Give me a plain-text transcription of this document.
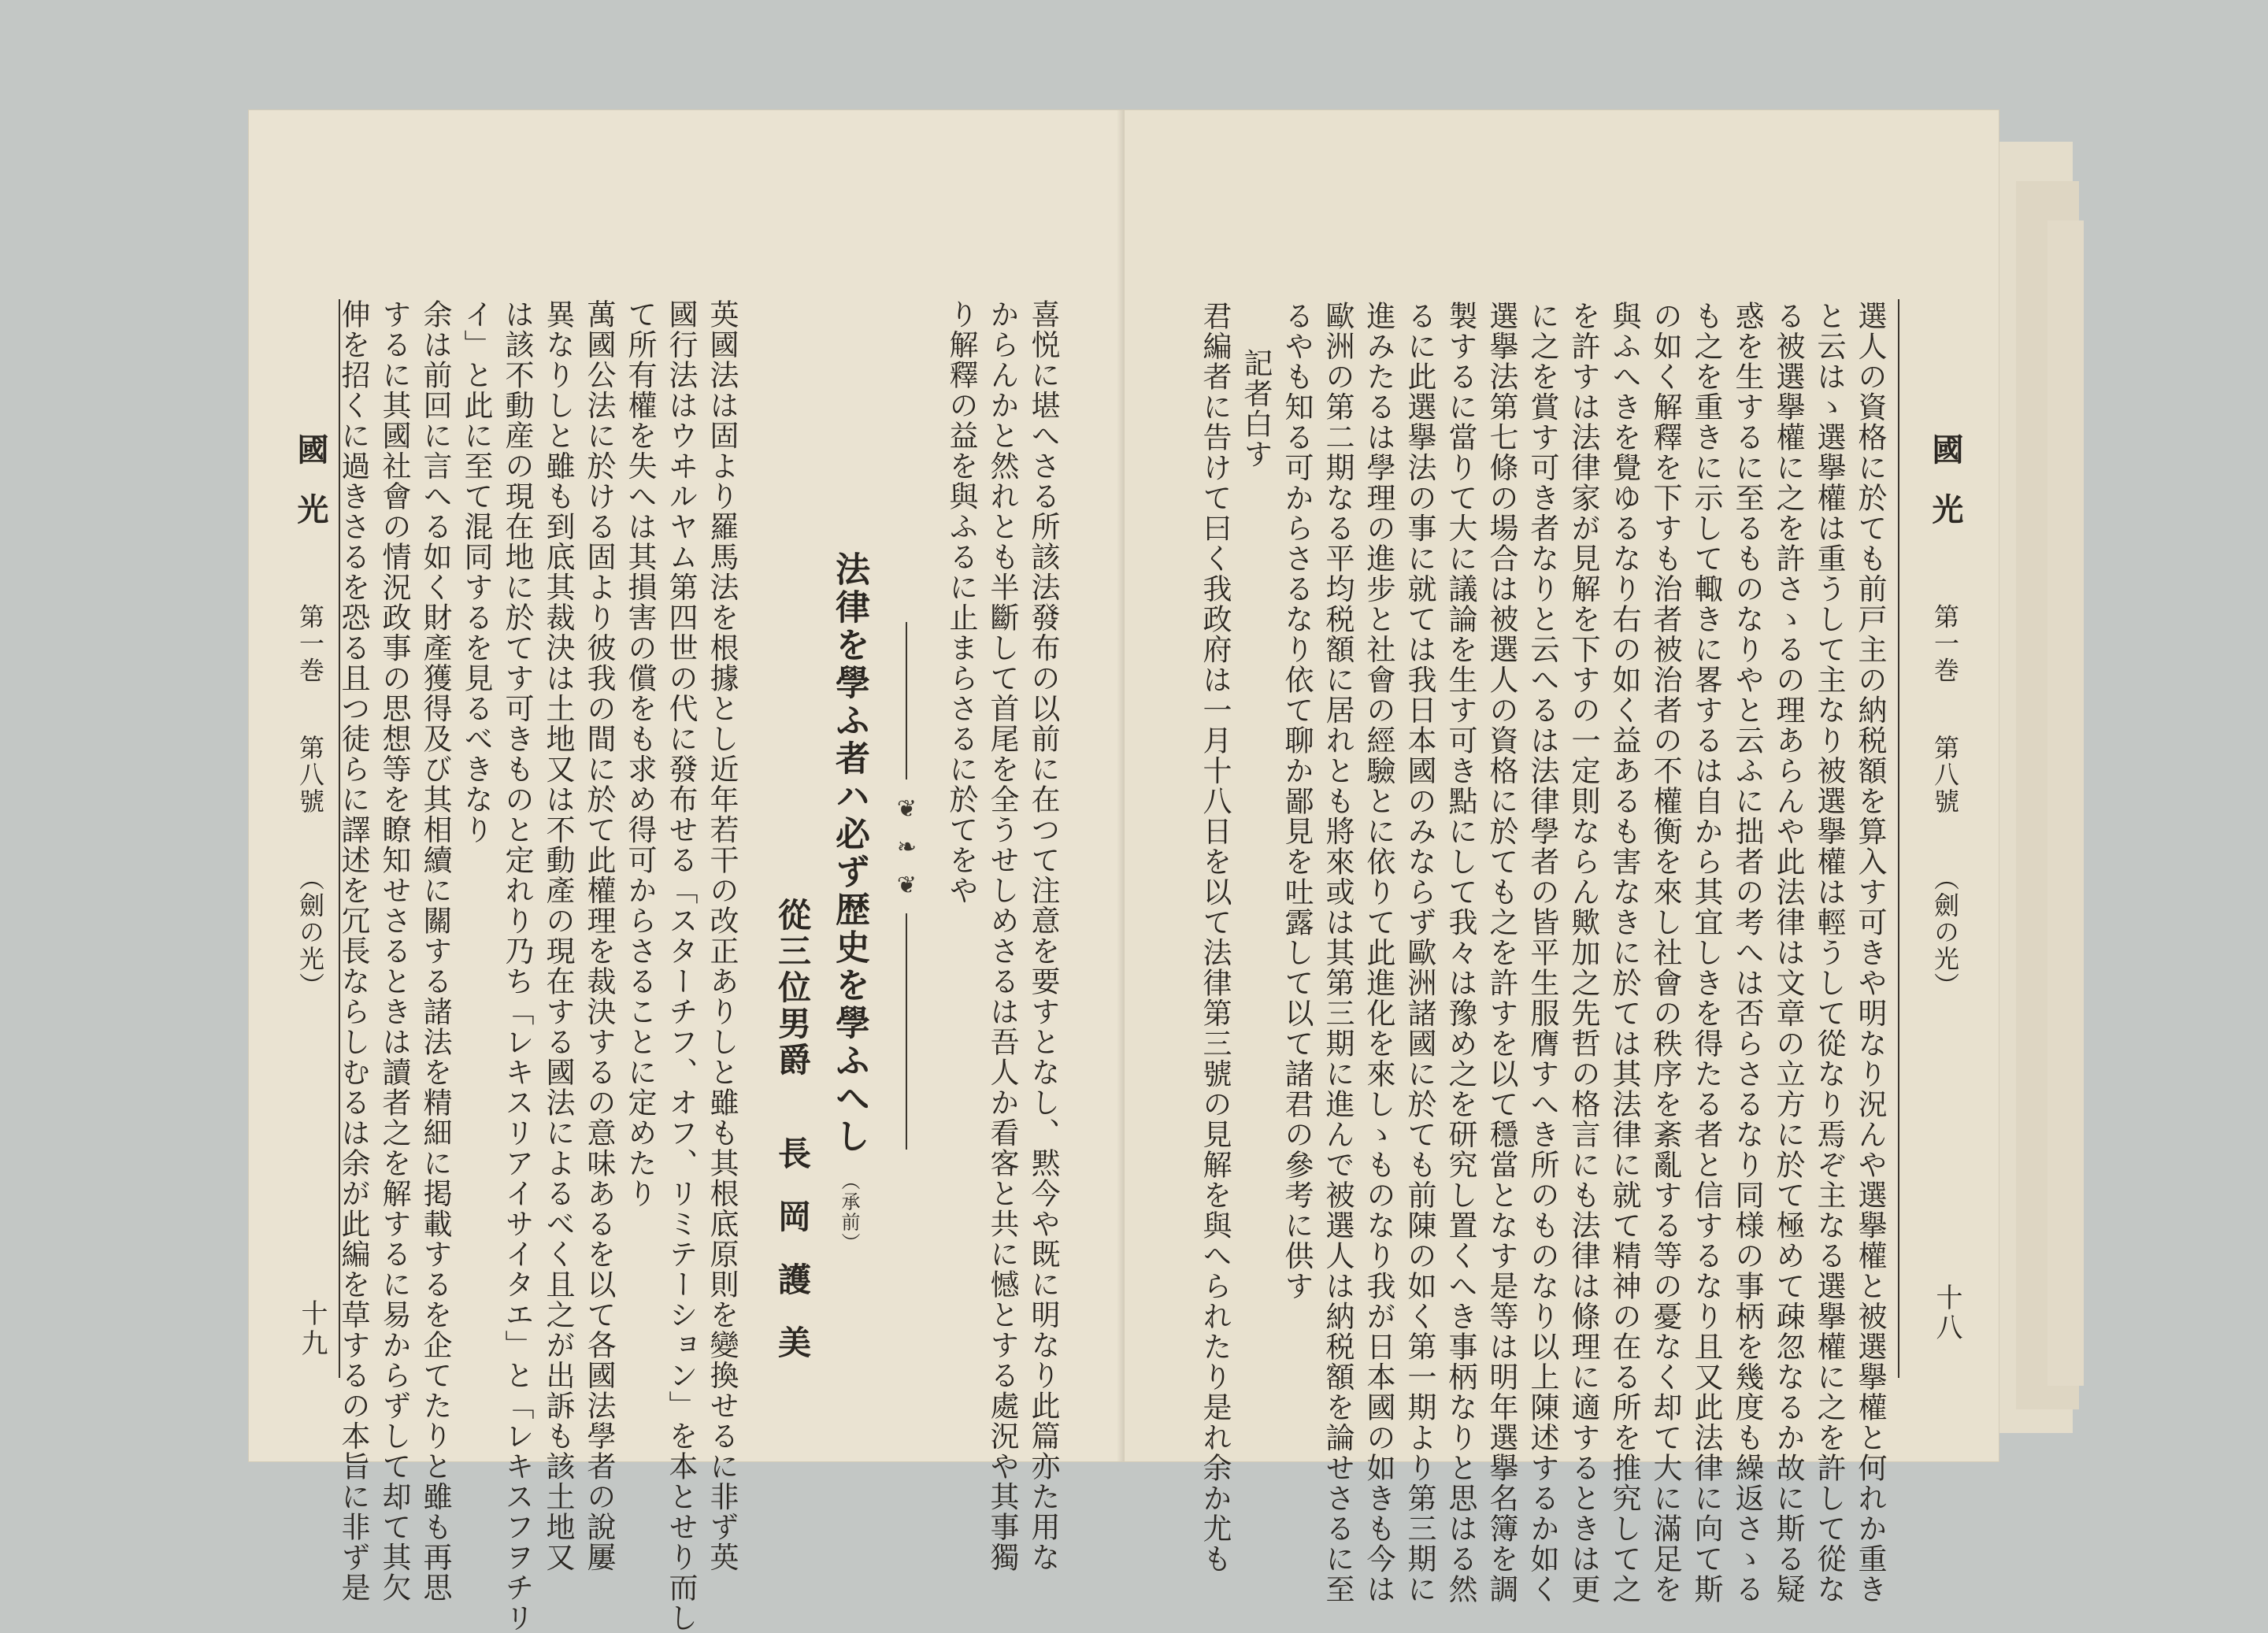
國光  第一巻  第八號  （劍の光）
十九	英國法は固より羅馬法を根據とし近年若干の改正ありしと雖も其根底原則を變換せるに非ず英

國行法はウヰルヤム第四世の代に發布せる「スターチフ、オフ、リミテーション」を本とせり而し

て所有權を失へは其損害の償をも求め得可からさることに定めたり

萬國公法に於ける固より彼我の間に於て此權理を裁決するの意味あるを以て各國法學者の說屢

異なりしと雖も到底其裁決は土地又は不動產の現在する國法によるべく且之が出訴も該土地又

は該不動産の現在地に於てす可きものと定れり乃ち「レキスリアイサイタエ」と「レキスフヲチリ

イ」と此に至て混同するを見るべきなり

余は前回に言へる如く財產獲得及び其相續に關する諸法を精細に掲載するを企てたりと雖も再思

するに其國社會の情況政事の思想等を瞭知せさるときは讀者之を解するに易からずして却て其欠

伸を招くに過きさるを恐る且つ徒らに譯述を冗長ならしむるは余が此編を草するの本旨に非ず是	從三位男爵  長岡護美
法律を學ふ者ハ必ず歴史を學ふへし （承前）
❦ ❧ ❦	喜悦に堪へさる所該法發布の以前に在つて注意を要すとなし、黙今や既に明なり此篇亦た用な

からんかと然れとも半斷して首尾を全うせしめさるは吾人か看客と共に憾とする處況や其事獨

り解釋の益を與ふるに止まらさるに於てをや	選人の資格に於ても前戸主の納税額を算入す可きや明なり況んや選擧權と被選擧權と何れか重き

と云はゝ選擧權は重うして主なり被選擧權は輕うして從なり焉ぞ主なる選擧權に之を許して從な

る被選擧權に之を許さゝるの理あらんや此法律は文章の立方に於て極めて疎忽なるか故に斯る疑

惑を生するに至るものなりやと云ふに拙者の考へは否らさるなり同様の事柄を幾度も繰返さゝる

も之を重きに示して輙きに畧するは自から其宜しきを得たる者と信するなり且又此法律に向て斯

の如く解釋を下すも治者被治者の不權衡を來し社會の秩序を紊亂する等の憂なく却て大に滿足を

與ふへきを覺ゆるなり右の如く益あるも害なきに於ては其法律に就て精神の在る所を推究して之

を許すは法律家が見解を下すの一定則ならん歟加之先哲の格言にも法律は條理に適するときは更

に之を賞す可き者なりと云へるは法律學者の皆平生服膺すへき所のものなり以上陳述するか如く

選擧法第七條の場合は被選人の資格に於ても之を許すを以て穩當となす是等は明年選擧名簿を調

製するに當りて大に議論を生す可き點にして我々は豫め之を研究し置くへき事柄なりと思はる然

るに此選擧法の事に就ては我日本國のみならず歐洲諸國に於ても前陳の如く第一期より第三期に

進みたるは學理の進步と社會の經驗とに依りて此進化を來しゝものなり我が日本國の如きも今は

歐洲の第二期なる平均税額に居れとも將來或は其第三期に進んで被選人は納税額を論せさるに至

るやも知る可からさるなり依て聊か鄙見を吐露して以て諸君の參考に供す

記者白す

君編者に告けて曰く我政府は一月十八日を以て法律第三號の見解を與へられたり是れ余か尤も	國光  第一巻  第八號  （劍の光）
十八
